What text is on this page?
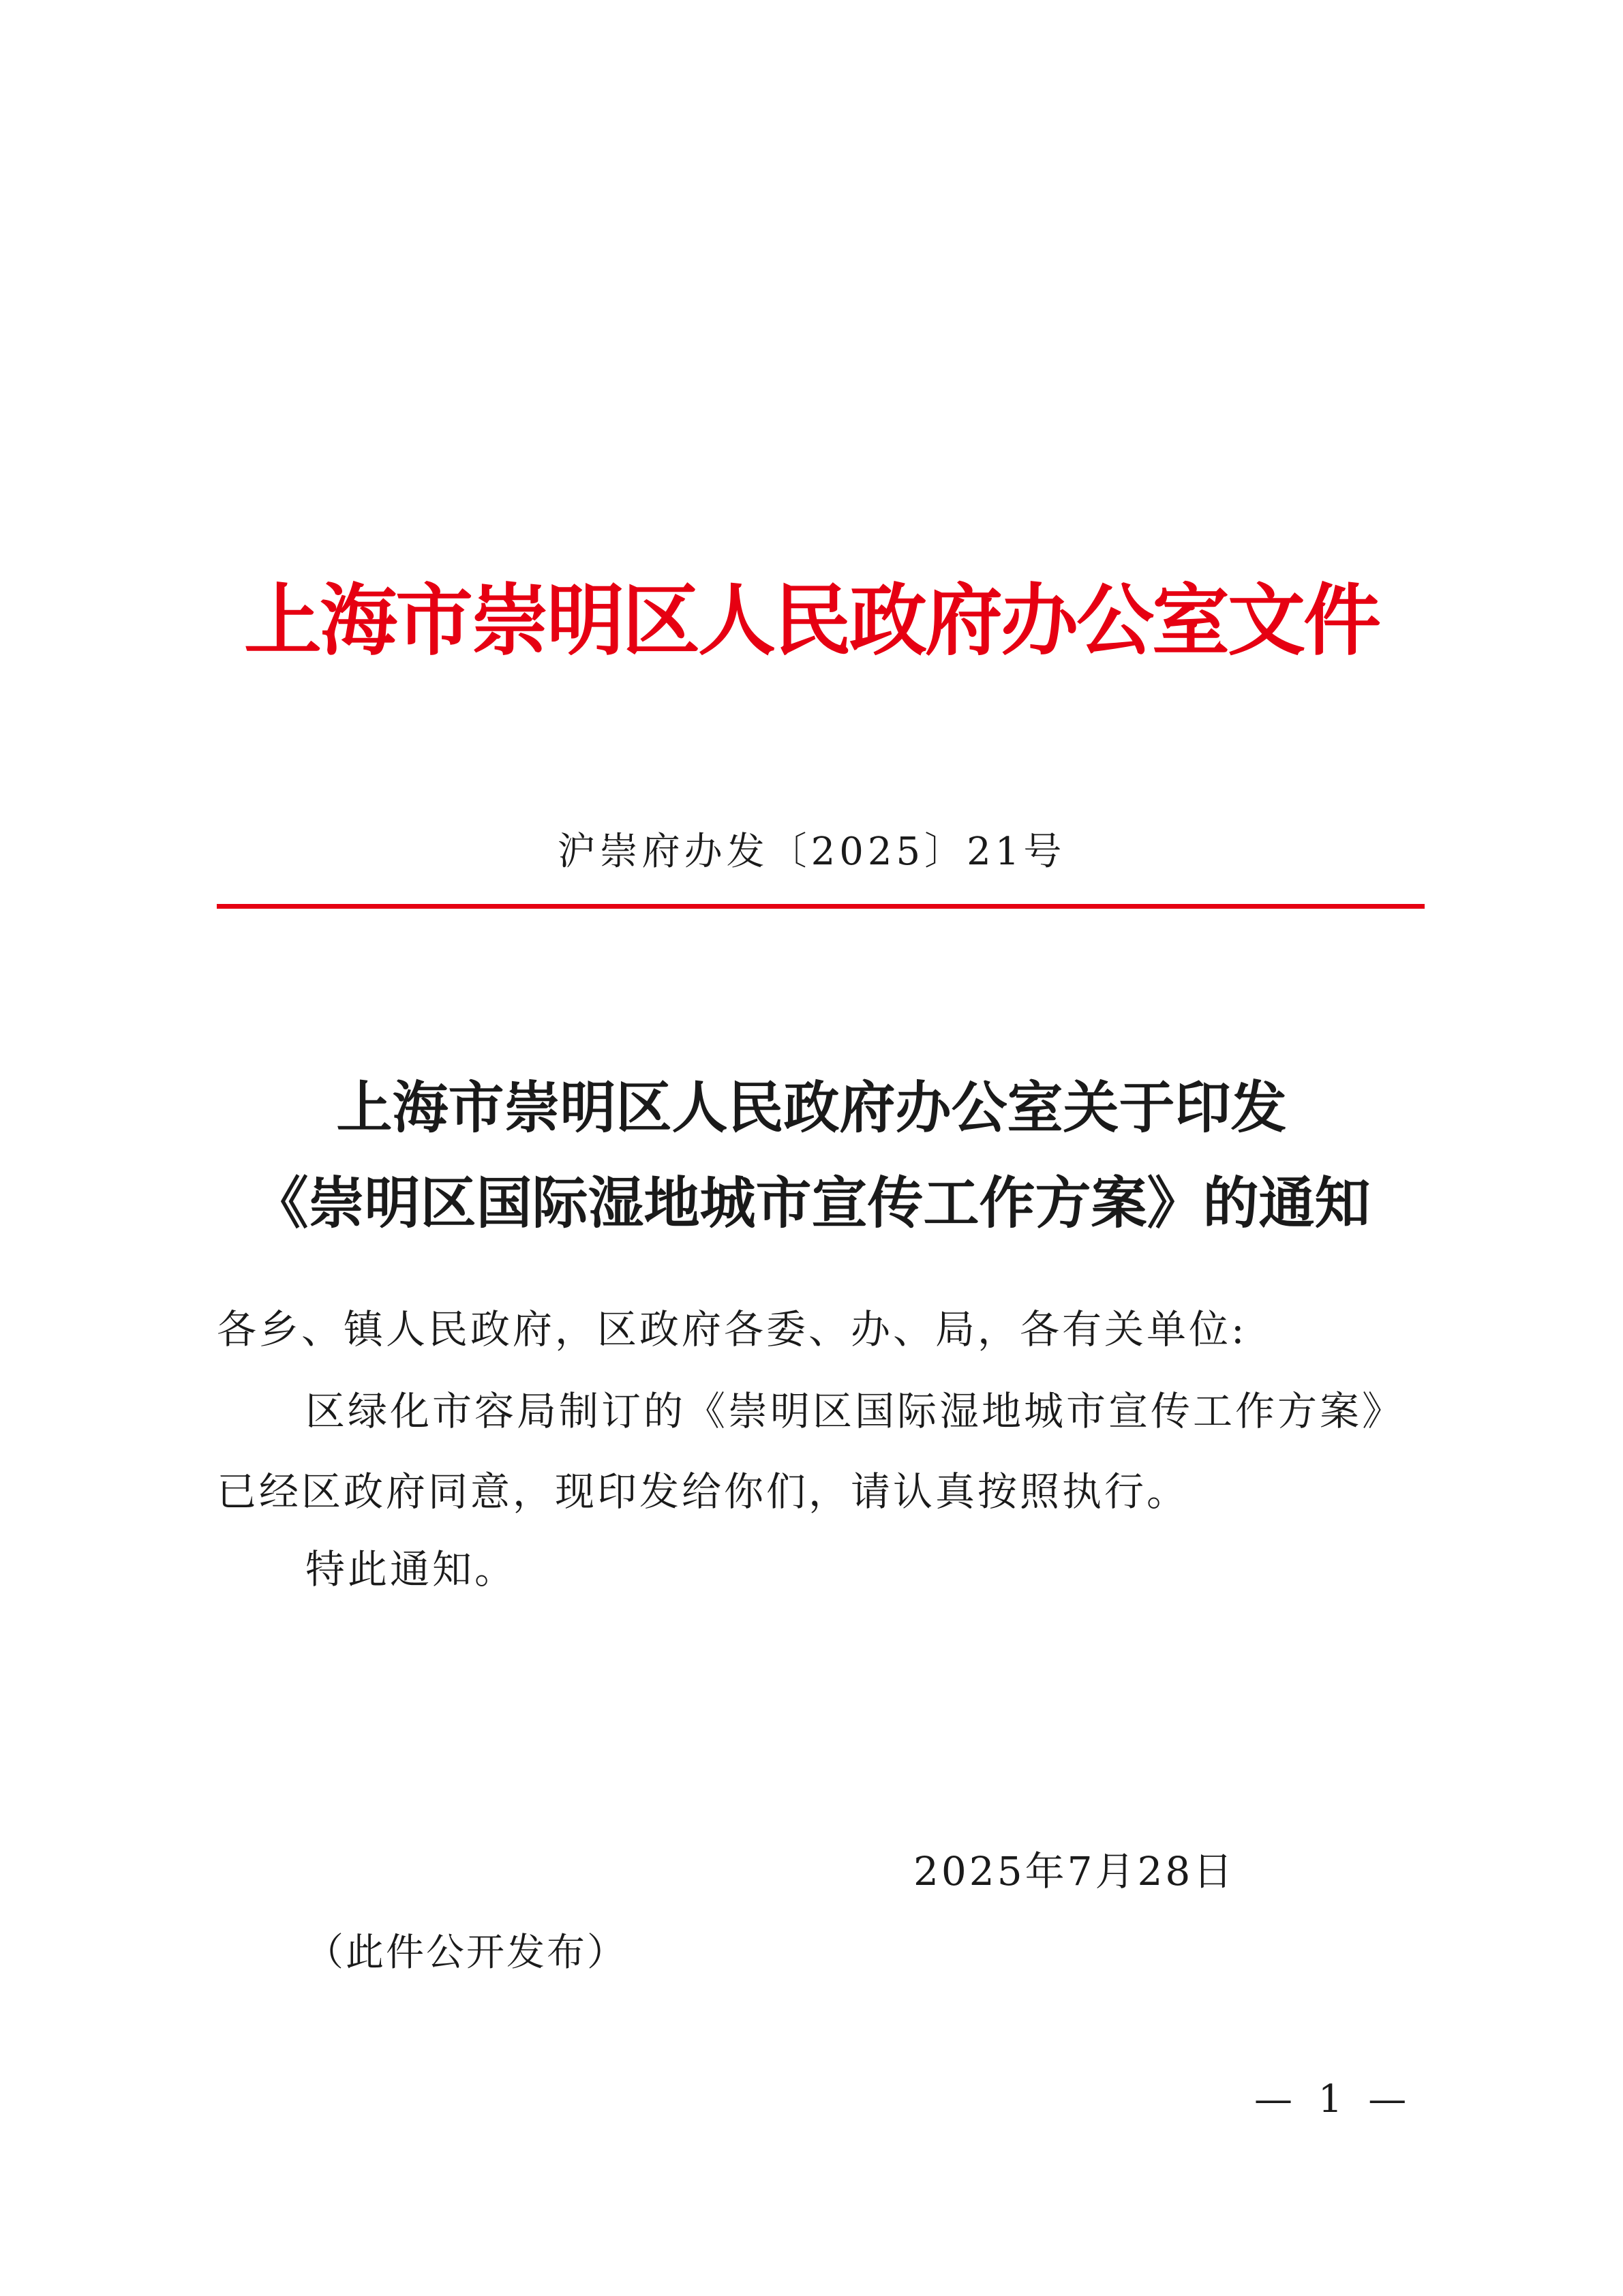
上海市崇明区人民政府办公室文件
沪崇府办发〔2025〕21号
上海市崇明区人民政府办公室关于印发
《崇明区国际湿地城市宣传工作方案》的通知
各乡、镇人民政府，区政府各委、办、局，各有关单位:
区绿化市容局制订的《崇明区国际湿地城市宣传工作方案》
已经区政府同意，现印发给你们，请认真按照执行。
特此通知。
2025年7月28日
（此件公开发布）
— 1 —
